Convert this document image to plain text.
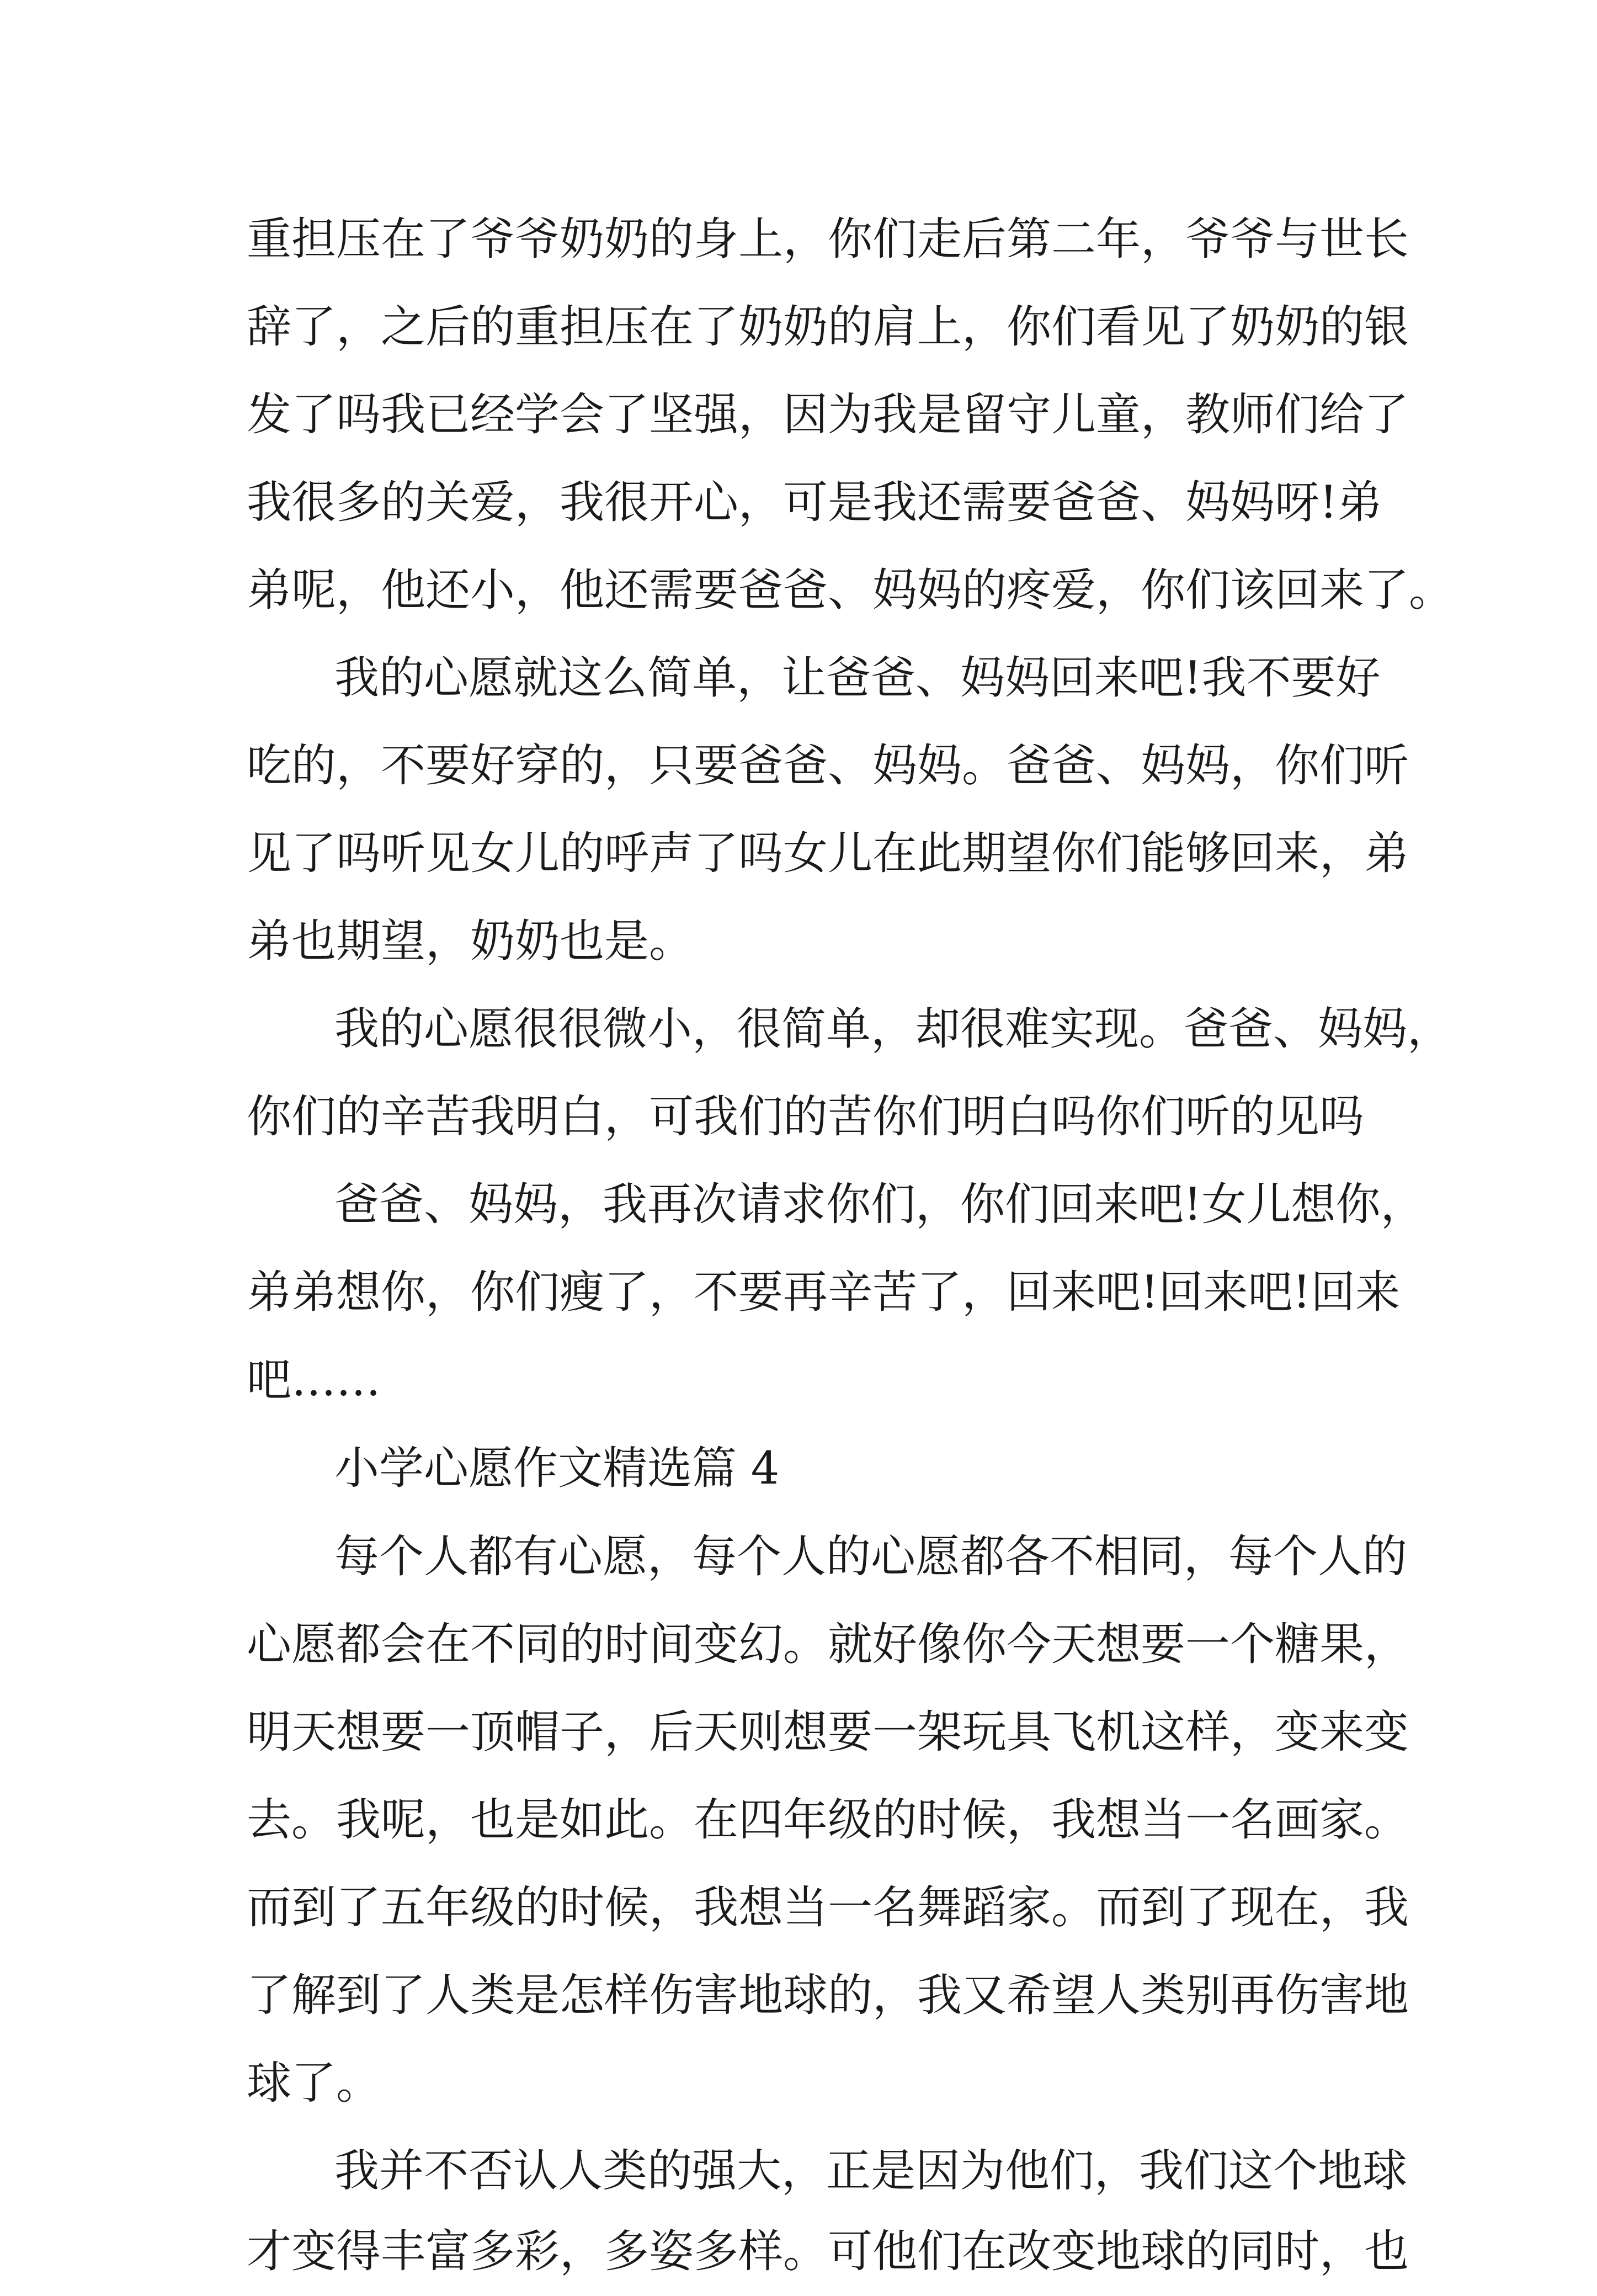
重担压在了爷爷奶奶的身上，你们走后第二年，爷爷与世长
辞了，之后的重担压在了奶奶的肩上，你们看见了奶奶的银
发了吗我已经学会了坚强，因为我是留守儿童，教师们给了
我很多的关爱，我很开心，可是我还需要爸爸、妈妈呀!弟
弟呢，他还小，他还需要爸爸、妈妈的疼爱，你们该回来了。
我的心愿就这么简单，让爸爸、妈妈回来吧!我不要好
吃的，不要好穿的，只要爸爸、妈妈。爸爸、妈妈，你们听
见了吗听见女儿的呼声了吗女儿在此期望你们能够回来，弟
弟也期望，奶奶也是。
我的心愿很很微小，很简单，却很难实现。爸爸、妈妈，
你们的辛苦我明白，可我们的苦你们明白吗你们听的见吗
爸爸、妈妈，我再次请求你们，你们回来吧!女儿想你，
弟弟想你，你们瘦了，不要再辛苦了，回来吧!回来吧!回来
吧……
小学心愿作文精选篇 4
每个人都有心愿，每个人的心愿都各不相同，每个人的
心愿都会在不同的时间变幻。就好像你今天想要一个糖果，
明天想要一顶帽子，后天则想要一架玩具飞机这样，变来变
去。我呢，也是如此。在四年级的时候，我想当一名画家。
而到了五年级的时候，我想当一名舞蹈家。而到了现在，我
了解到了人类是怎样伤害地球的，我又希望人类别再伤害地
球了。
我并不否认人类的强大，正是因为他们，我们这个地球
才变得丰富多彩，多姿多样。可他们在改变地球的同时，也
